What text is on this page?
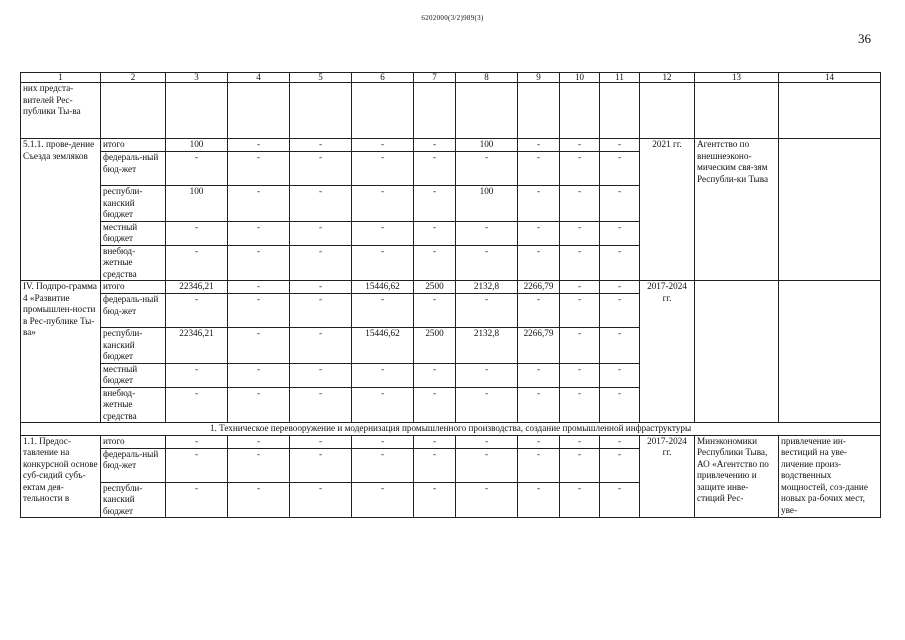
6202000(3/2)989(3)
36
1	2	3	4	5	6	7	8	9	10	11	12	13	14
них предста-вителей Рес-публики Ты-ва													
5.1.1. прове-дение Съезда земляков	итого	100	-	-	-	-	100	-	-	-	2021 гг.	Агентство по внешнеэконо-мическим свя-зям Республи-ки Тыва	
	федераль-ный бюд-жет	-	-	-	-	-	-	-	-	-			
	республи-канский бюджет	100	-	-	-	-	100	-	-	-			
	местный бюджет	-	-	-	-	-	-	-	-	-			
	внебюд-жетные средства	-	-	-	-	-	-	-	-	-			
IV. Подпро-грамма 4 «Развитие промышлен-ности в Рес-публике Ты-ва»	итого	22346,21	-	-	15446,62	2500	2132,8	2266,79	-	-	2017-2024 гг.		
	федераль-ный бюд-жет	-	-	-	-	-	-	-	-	-			
	республи-канский бюджет	22346,21	-	-	15446,62	2500	2132,8	2266,79	-	-			
	местный бюджет	-	-	-	-	-	-	-	-	-			
	внебюд-жетные средства	-	-	-	-	-	-	-	-	-			
1. Техническое перевооружение и модернизация промышленного производства, создание промышленной инфраструктуры													
1.1. Предос-тавление на конкурсной основе суб-сидий субъ-ектам дея-тельности в	итого	-	-	-	-	-	-	-	-	-	2017-2024 гг.	Минэкономики Республики Тыва, АО «Агентство по привлечению и защите инве-стиций Рес-	привлечение ин-вестиций на уве-личение произ-водственных мощностей, соз-дание новых ра-бочих мест, уве-
	федераль-ный бюд-жет	-	-	-	-	-	-	-	-	-			
	республи-канский бюджет	-	-	-	-	-	-	-	-	-			
